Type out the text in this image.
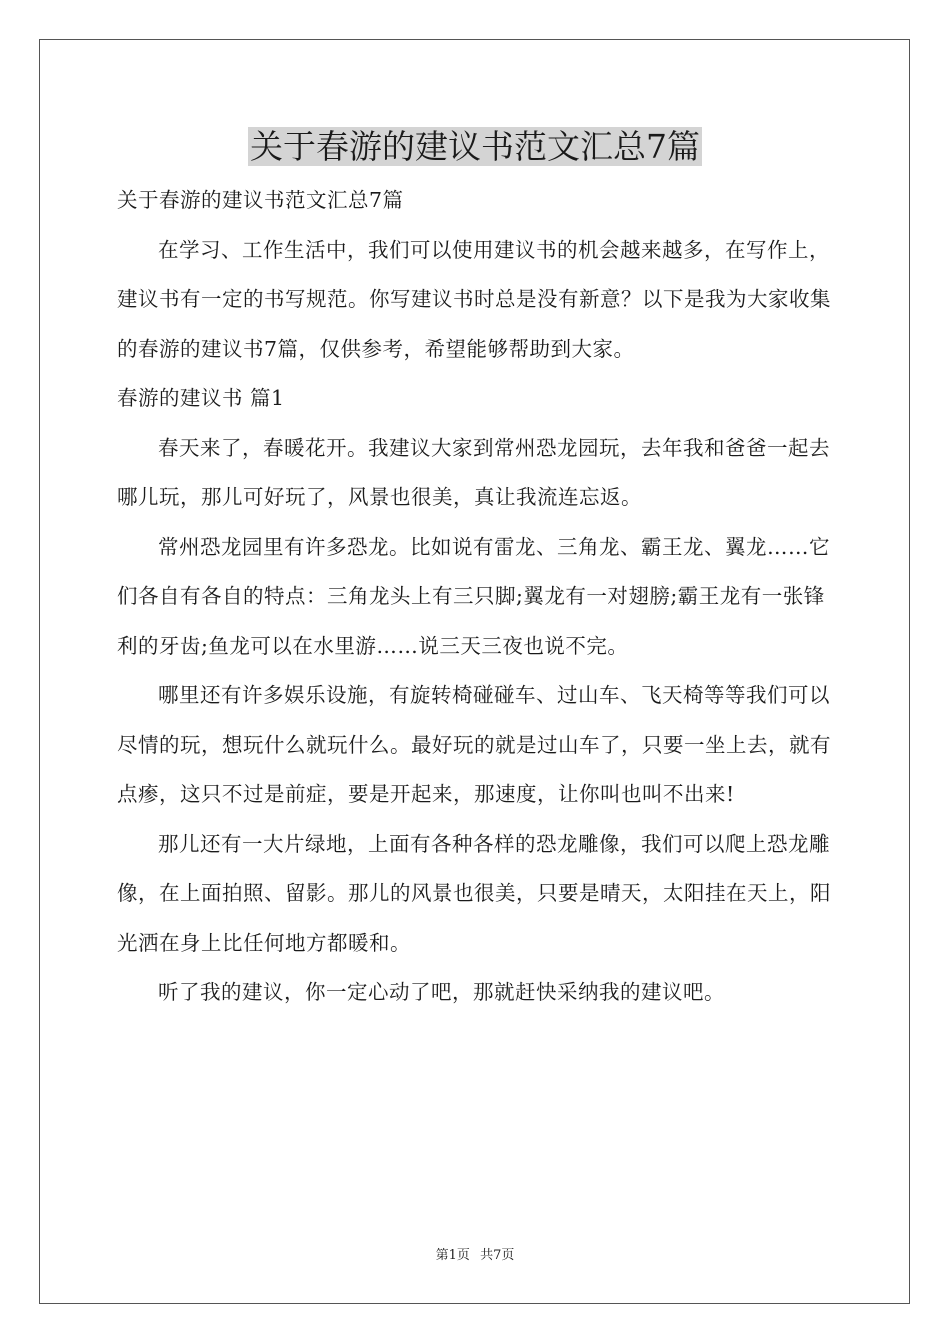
关于春游的建议书范文汇总7篇

关于春游的建议书范文汇总7篇

在学习、工作生活中，我们可以使用建议书的机会越来越多，在写作上，建议书有一定的书写规范。你写建议书时总是没有新意？以下是我为大家收集的春游的建议书7篇，仅供参考，希望能够帮助到大家。

春游的建议书 篇1

春天来了，春暖花开。我建议大家到常州恐龙园玩，去年我和爸爸一起去哪儿玩，那儿可好玩了，风景也很美，真让我流连忘返。

常州恐龙园里有许多恐龙。比如说有雷龙、三角龙、霸王龙、翼龙……它们各自有各自的特点：三角龙头上有三只脚;翼龙有一对翅膀;霸王龙有一张锋利的牙齿;鱼龙可以在水里游……说三天三夜也说不完。

哪里还有许多娱乐设施，有旋转椅碰碰车、过山车、飞天椅等等我们可以尽情的玩，想玩什么就玩什么。最好玩的就是过山车了，只要一坐上去，就有点瘆，这只不过是前症，要是开起来，那速度，让你叫也叫不出来!

那儿还有一大片绿地，上面有各种各样的恐龙雕像，我们可以爬上恐龙雕像，在上面拍照、留影。那儿的风景也很美，只要是晴天，太阳挂在天上，阳光洒在身上比任何地方都暖和。

听了我的建议，你一定心动了吧，那就赶快采纳我的建议吧。

第1页 共7页
